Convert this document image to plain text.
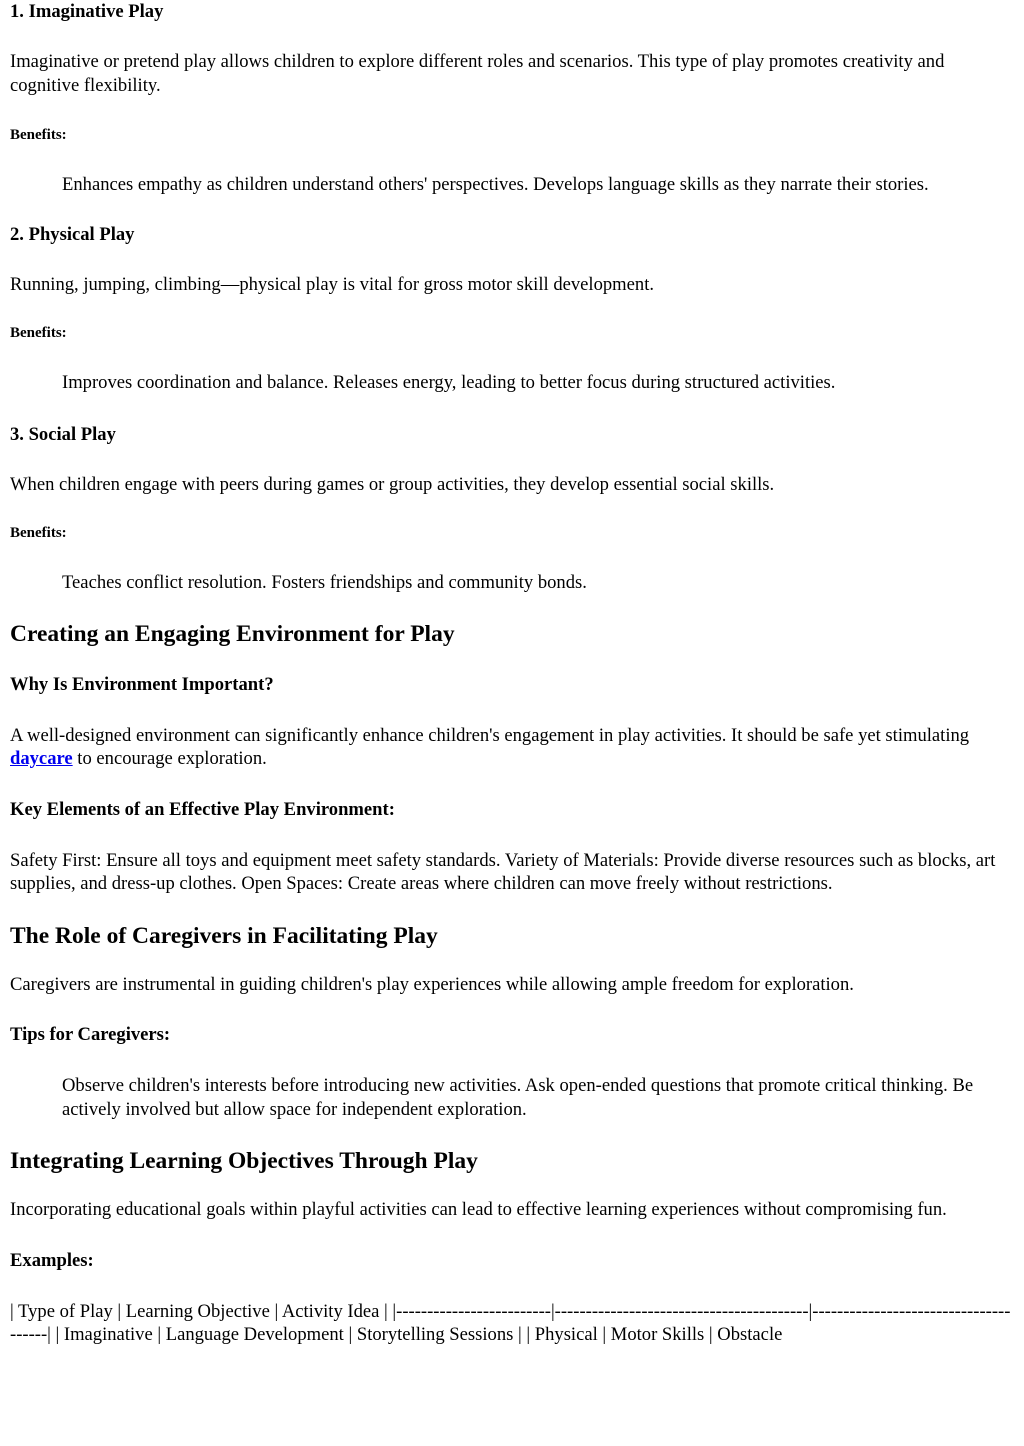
1. Imaginative Play

Imaginative or pretend play allows children to explore different roles and scenarios. This type of play promotes creativity and cognitive flexibility.

Benefits:
Enhances empathy as children understand others' perspectives. Develops language skills as they narrate their stories.
2. Physical Play

Running, jumping, climbing—physical play is vital for gross motor skill development.

Benefits:
Improves coordination and balance. Releases energy, leading to better focus during structured activities.
3. Social Play

When children engage with peers during games or group activities, they develop essential social skills.

Benefits:
Teaches conflict resolution. Fosters friendships and community bonds.
Creating an Engaging Environment for Play
Why Is Environment Important?

A well-designed environment can significantly enhance children's engagement in play activities. It should be safe yet stimulating daycare to encourage exploration.

Key Elements of an Effective Play Environment:

Safety First: Ensure all toys and equipment meet safety standards. Variety of Materials: Provide diverse resources such as blocks, art supplies, and dress-up clothes. Open Spaces: Create areas where children can move freely without restrictions.

The Role of Caregivers in Facilitating Play

Caregivers are instrumental in guiding children's play experiences while allowing ample freedom for exploration.

Tips for Caregivers:
Observe children's interests before introducing new activities. Ask open-ended questions that promote critical thinking. Be actively involved but allow space for independent exploration.
Integrating Learning Objectives Through Play

Incorporating educational goals within playful activities can lead to effective learning experiences without compromising fun.

Examples:

| Type of Play | Learning Objective | Activity Idea | |-------------------------|-----------------------------------------|--------------------------------------| | Imaginative | Language Development | Storytelling Sessions | | Physical | Motor Skills | Obstacle
